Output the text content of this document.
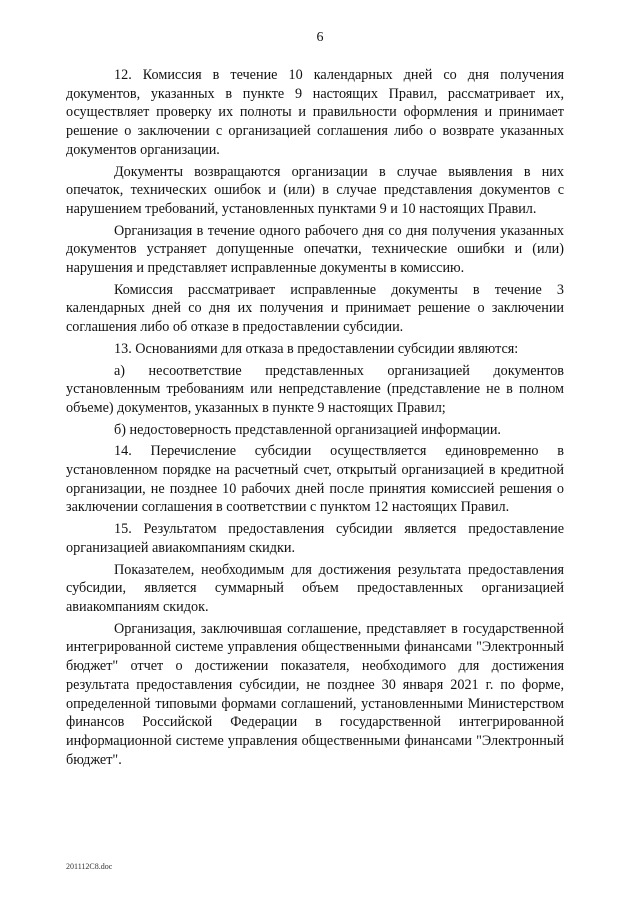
6

12. Комиссия в течение 10 календарных дней со дня получения документов, указанных в пункте 9 настоящих Правил, рассматривает их, осуществляет проверку их полноты и правильности оформления и принимает решение о заключении с организацией соглашения либо о возврате указанных документов организации.

Документы возвращаются организации в случае выявления в них опечаток, технических ошибок и (или) в случае представления документов с нарушением требований, установленных пунктами 9 и 10 настоящих Правил.

Организация в течение одного рабочего дня со дня получения указанных документов устраняет допущенные опечатки, технические ошибки и (или) нарушения и представляет исправленные документы в комиссию.

Комиссия рассматривает исправленные документы в течение 3 календарных дней со дня их получения и принимает решение о заключении соглашения либо об отказе в предоставлении субсидии.

13. Основаниями для отказа в предоставлении субсидии являются:

а) несоответствие представленных организацией документов установленным требованиям или непредставление (представление не в полном объеме) документов, указанных в пункте 9 настоящих Правил;

б) недостоверность представленной организацией информации.

14. Перечисление субсидии осуществляется единовременно в установленном порядке на расчетный счет, открытый организацией в кредитной организации, не позднее 10 рабочих дней после принятия комиссией решения о заключении соглашения в соответствии с пунктом 12 настоящих Правил.

15. Результатом предоставления субсидии является предоставление организацией авиакомпаниям скидки.

Показателем, необходимым для достижения результата предоставления субсидии, является суммарный объем предоставленных организацией авиакомпаниям скидок.

Организация, заключившая соглашение, представляет в государственной интегрированной системе управления общественными финансами "Электронный бюджет" отчет о достижении показателя, необходимого для достижения результата предоставления субсидии, не позднее 30 января 2021 г. по форме, определенной типовыми формами соглашений, установленными Министерством финансов Российской Федерации в государственной интегрированной информационной системе управления общественными финансами "Электронный бюджет".

201112C8.doc
